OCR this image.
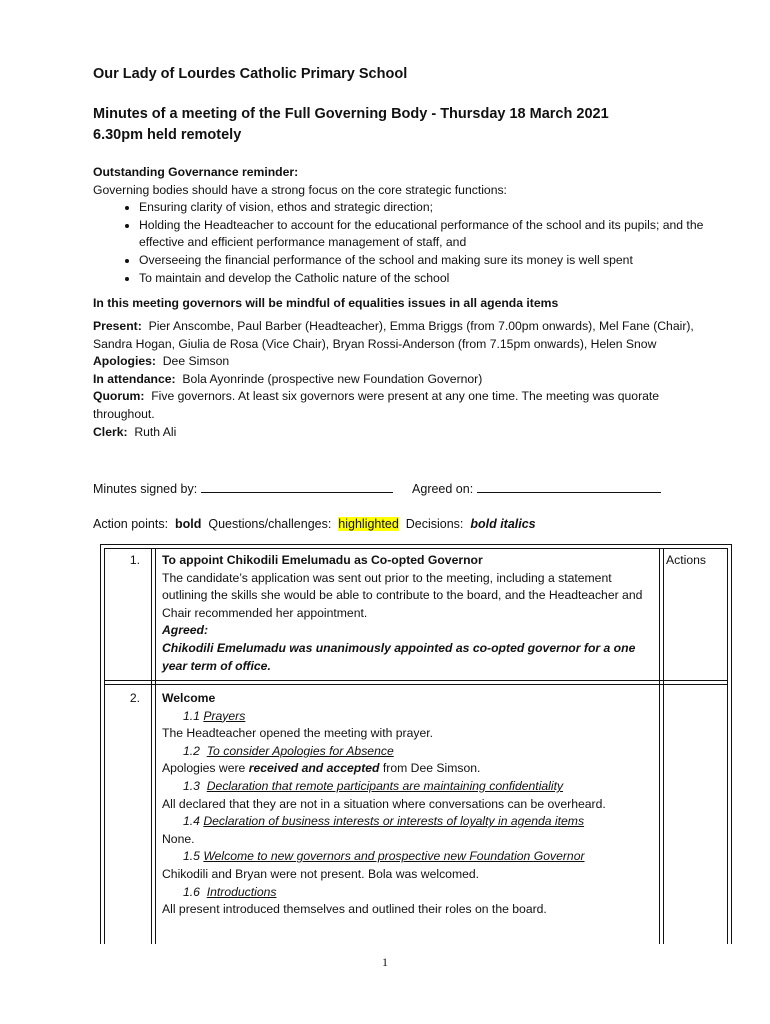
Our Lady of Lourdes Catholic Primary School
Minutes of a meeting of the Full Governing Body - Thursday 18 March 2021
6.30pm held remotely
Outstanding Governance reminder:
Governing bodies should have a strong focus on the core strategic functions:
• Ensuring clarity of vision, ethos and strategic direction;
• Holding the Headteacher to account for the educational performance of the school and its pupils; and the effective and efficient performance management of staff, and
• Overseeing the financial performance of the school and making sure its money is well spent
• To maintain and develop the Catholic nature of the school
In this meeting governors will be mindful of equalities issues in all agenda items

Present: Pier Anscombe, Paul Barber (Headteacher), Emma Briggs (from 7.00pm onwards), Mel Fane (Chair), Sandra Hogan, Giulia de Rosa (Vice Chair), Bryan Rossi-Anderson (from 7.15pm onwards), Helen Snow

Apologies: Dee Simson

In attendance: Bola Ayonrinde (prospective new Foundation Governor)

Quorum: Five governors. At least six governors were present at any one time. The meeting was quorate throughout.

Clerk: Ruth Ali

Minutes signed by:	Agreed on:
Action points: bold Questions/challenges: highlighted Decisions: bold italics
Actions
1. To appoint Chikodili Emelumadu as Co-opted Governor

The candidate’s application was sent out prior to the meeting, including a statement outlining the skills she would be able to contribute to the board, and the Headteacher and Chair recommended her appointment.

Agreed:

Chikodili Emelumadu was unanimously appointed as co-opted governor for a one year term of office.

2. Welcome

1.1 Prayers

The Headteacher opened the meeting with prayer.

1.2 To consider Apologies for Absence

Apologies were received and accepted from Dee Simson.

1.3 Declaration that remote participants are maintaining confidentiality

All declared that they are not in a situation where conversations can be overheard.

1.4 Declaration of business interests or interests of loyalty in agenda items

None.

1.5 Welcome to new governors and prospective new Foundation Governor

Chikodili and Bryan were not present. Bola was welcomed.

1.6 Introductions

All present introduced themselves and outlined their roles on the board.

1
